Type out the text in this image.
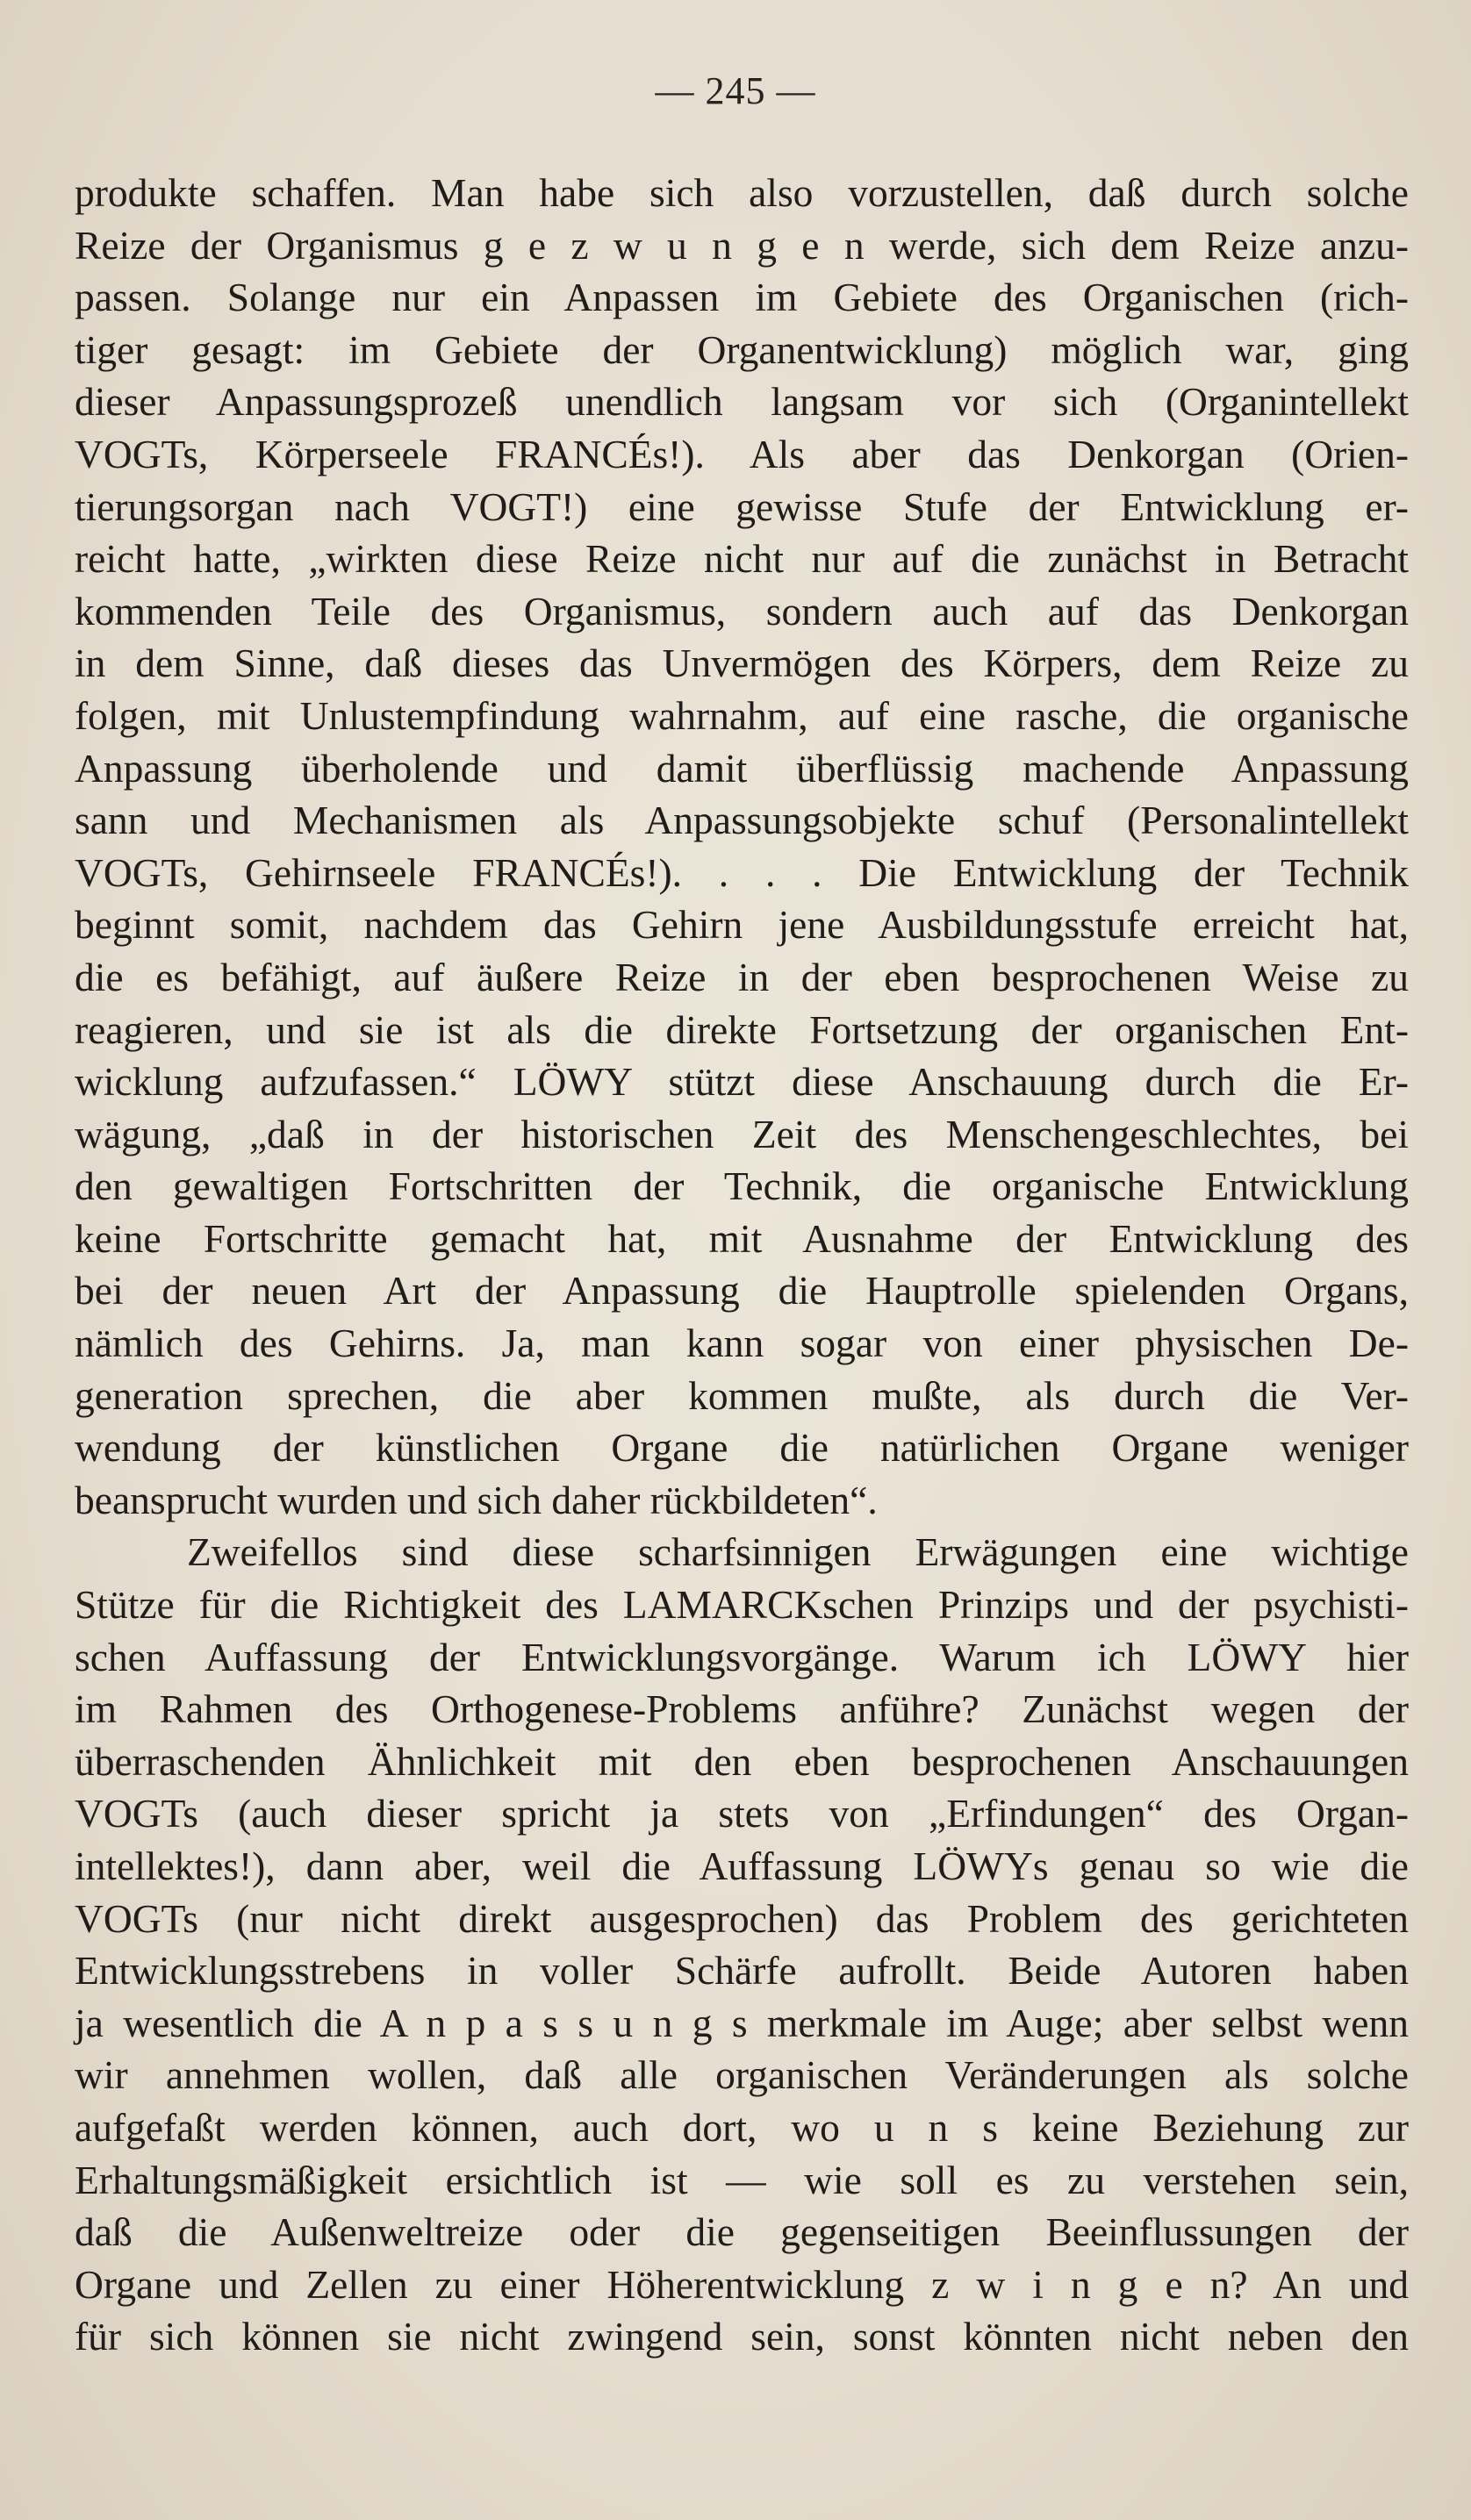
— 245 —
produkte schaffen. Man habe sich also vorzustellen, daß durch solche
Reize der Organismus g e z w u n g e n werde, sich dem Reize anzu-
passen. Solange nur ein Anpassen im Gebiete des Organischen (rich-
tiger gesagt: im Gebiete der Organentwicklung) möglich war, ging
dieser Anpassungsprozeß unendlich langsam vor sich (Organintellekt
VOGTs, Körperseele FRANCÉs!). Als aber das Denkorgan (Orien-
tierungsorgan nach VOGT!) eine gewisse Stufe der Entwicklung er-
reicht hatte, „wirkten diese Reize nicht nur auf die zunächst in Betracht
kommenden Teile des Organismus, sondern auch auf das Denkorgan
in dem Sinne, daß dieses das Unvermögen des Körpers, dem Reize zu
folgen, mit Unlustempfindung wahrnahm, auf eine rasche, die organische
Anpassung überholende und damit überflüssig machende Anpassung
sann und Mechanismen als Anpassungsobjekte schuf (Personalintellekt
VOGTs, Gehirnseele FRANCÉs!). . . . Die Entwicklung der Technik
beginnt somit, nachdem das Gehirn jene Ausbildungsstufe erreicht hat,
die es befähigt, auf äußere Reize in der eben besprochenen Weise zu
reagieren, und sie ist als die direkte Fortsetzung der organischen Ent-
wicklung aufzufassen.“ LÖWY stützt diese Anschauung durch die Er-
wägung, „daß in der historischen Zeit des Menschengeschlechtes, bei
den gewaltigen Fortschritten der Technik, die organische Entwicklung
keine Fortschritte gemacht hat, mit Ausnahme der Entwicklung des
bei der neuen Art der Anpassung die Hauptrolle spielenden Organs,
nämlich des Gehirns. Ja, man kann sogar von einer physischen De-
generation sprechen, die aber kommen mußte, als durch die Ver-
wendung der künstlichen Organe die natürlichen Organe weniger
beansprucht wurden und sich daher rückbildeten“.
Zweifellos sind diese scharfsinnigen Erwägungen eine wichtige
Stütze für die Richtigkeit des LAMARCKschen Prinzips und der psychisti-
schen Auffassung der Entwicklungsvorgänge. Warum ich LÖWY hier
im Rahmen des Orthogenese-Problems anführe? Zunächst wegen der
überraschenden Ähnlichkeit mit den eben besprochenen Anschauungen
VOGTs (auch dieser spricht ja stets von „Erfindungen“ des Organ-
intellektes!), dann aber, weil die Auffassung LÖWYs genau so wie die
VOGTs (nur nicht direkt ausgesprochen) das Problem des gerichteten
Entwicklungsstrebens in voller Schärfe aufrollt. Beide Autoren haben
ja wesentlich die A n p a s s u n g s merkmale im Auge; aber selbst wenn
wir annehmen wollen, daß alle organischen Veränderungen als solche
aufgefaßt werden können, auch dort, wo u n s keine Beziehung zur
Erhaltungsmäßigkeit ersichtlich ist — wie soll es zu verstehen sein,
daß die Außenweltreize oder die gegenseitigen Beeinflussungen der
Organe und Zellen zu einer Höherentwicklung z w i n g e n? An und
für sich können sie nicht zwingend sein, sonst könnten nicht neben den
